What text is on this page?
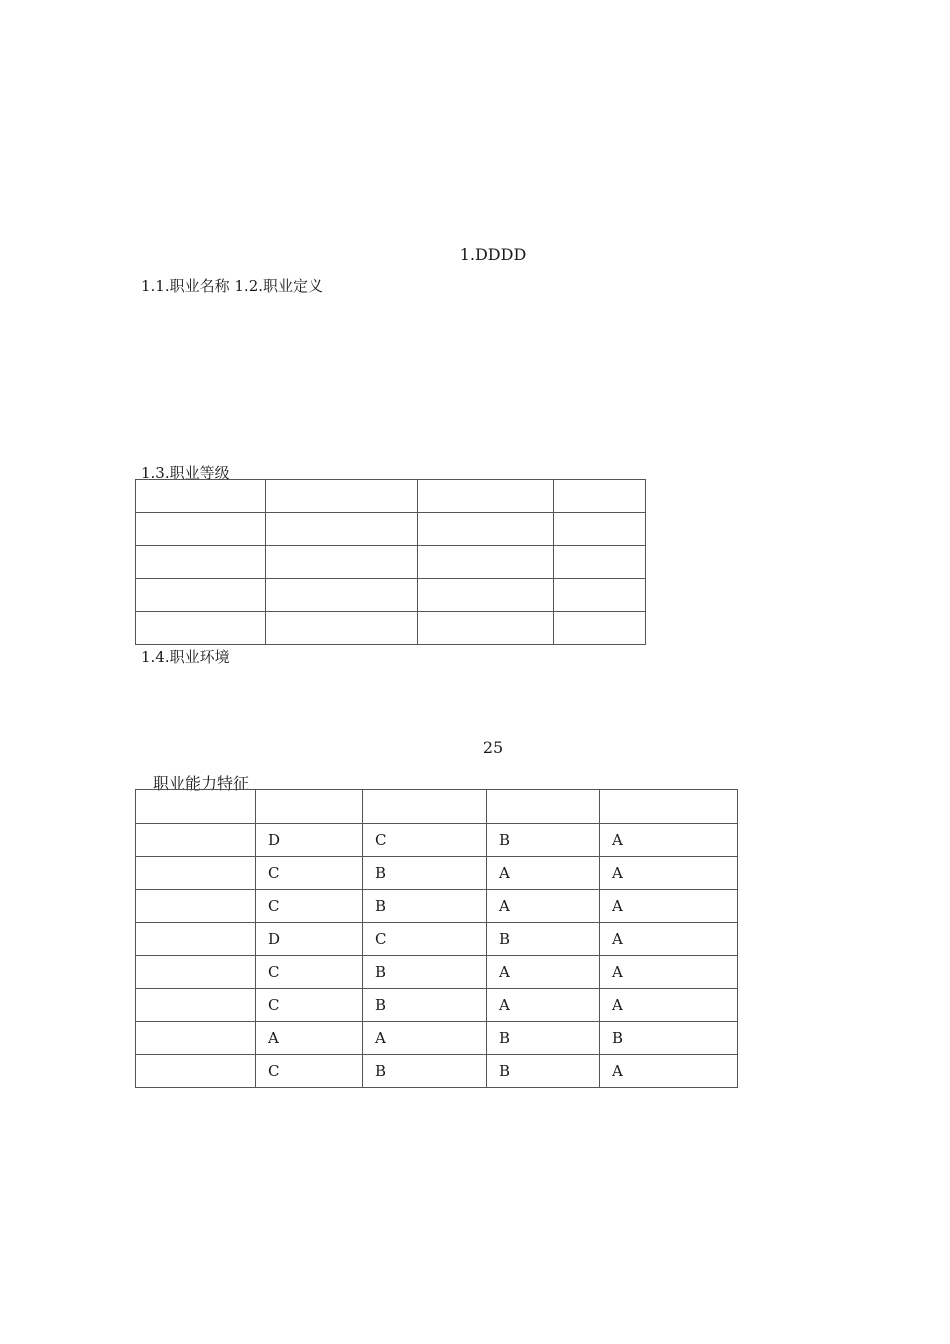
1.DDDD
1.1.职业名称 1.2.职业定义
1.3.职业等级

1.4.职业环境
25
职业能力特征

	D	C	B	A
	C	B	A	A
	C	B	A	A
	D	C	B	A
	C	B	A	A
	C	B	A	A
	A	A	B	B
	C	B	B	A
